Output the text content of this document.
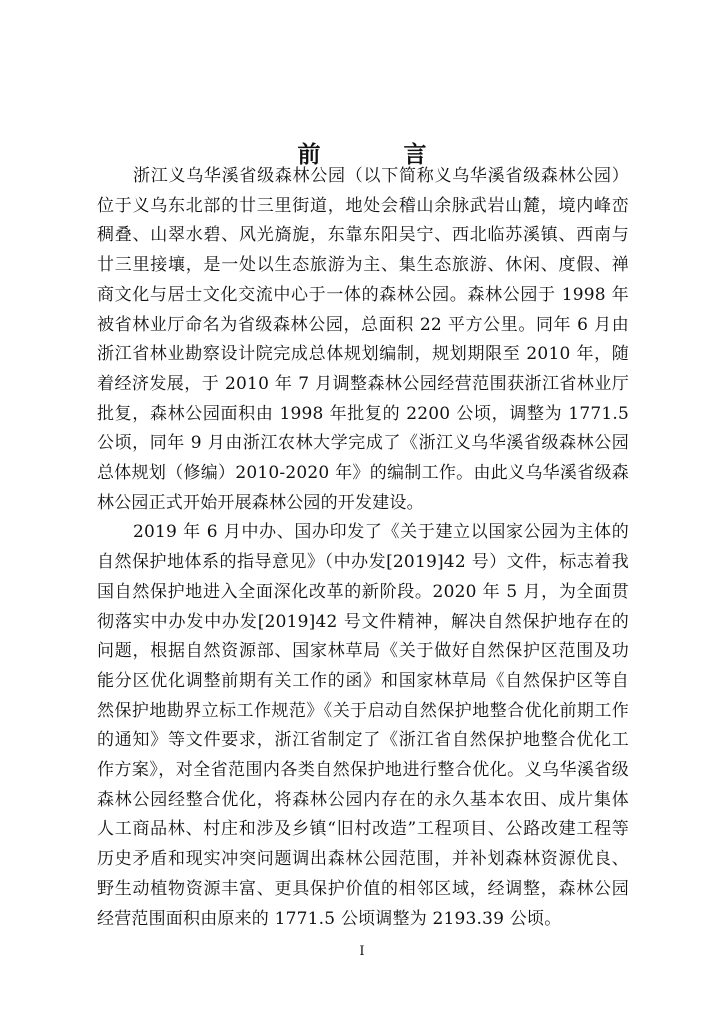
前　言

浙江义乌华溪省级森林公园（以下简称义乌华溪省级森林公园）位于义乌东北部的廿三里街道，地处会稽山余脉武岩山麓，境内峰峦稠叠、山翠水碧、风光旖旎，东靠东阳吴宁、西北临苏溪镇、西南与廿三里接壤，是一处以生态旅游为主、集生态旅游、休闲、度假、禅商文化与居士文化交流中心于一体的森林公园。森林公园于 1998 年被省林业厅命名为省级森林公园，总面积 22 平方公里。同年 6 月由浙江省林业勘察设计院完成总体规划编制，规划期限至 2010 年，随着经济发展，于 2010 年 7 月调整森林公园经营范围获浙江省林业厅批复，森林公园面积由 1998 年批复的 2200 公顷，调整为 1771.5 公顷，同年 9 月由浙江农林大学完成了《浙江义乌华溪省级森林公园总体规划（修编）2010-2020 年》的编制工作。由此义乌华溪省级森林公园正式开始开展森林公园的开发建设。

2019 年 6 月中办、国办印发了《关于建立以国家公园为主体的自然保护地体系的指导意见》（中办发[2019]42 号）文件，标志着我国自然保护地进入全面深化改革的新阶段。2020 年 5 月，为全面贯彻落实中办发中办发[2019]42 号文件精神，解决自然保护地存在的问题，根据自然资源部、国家林草局《关于做好自然保护区范围及功能分区优化调整前期有关工作的函》和国家林草局《自然保护区等自然保护地勘界立标工作规范》《关于启动自然保护地整合优化前期工作的通知》等文件要求，浙江省制定了《浙江省自然保护地整合优化工作方案》，对全省范围内各类自然保护地进行整合优化。义乌华溪省级森林公园经整合优化，将森林公园内存在的永久基本农田、成片集体人工商品林、村庄和涉及乡镇“旧村改造”工程项目、公路改建工程等历史矛盾和现实冲突问题调出森林公园范围，并补划森林资源优良、野生动植物资源丰富、更具保护价值的相邻区域，经调整，森林公园经营范围面积由原来的 1771.5 公顷调整为 2193.39 公顷。

I
